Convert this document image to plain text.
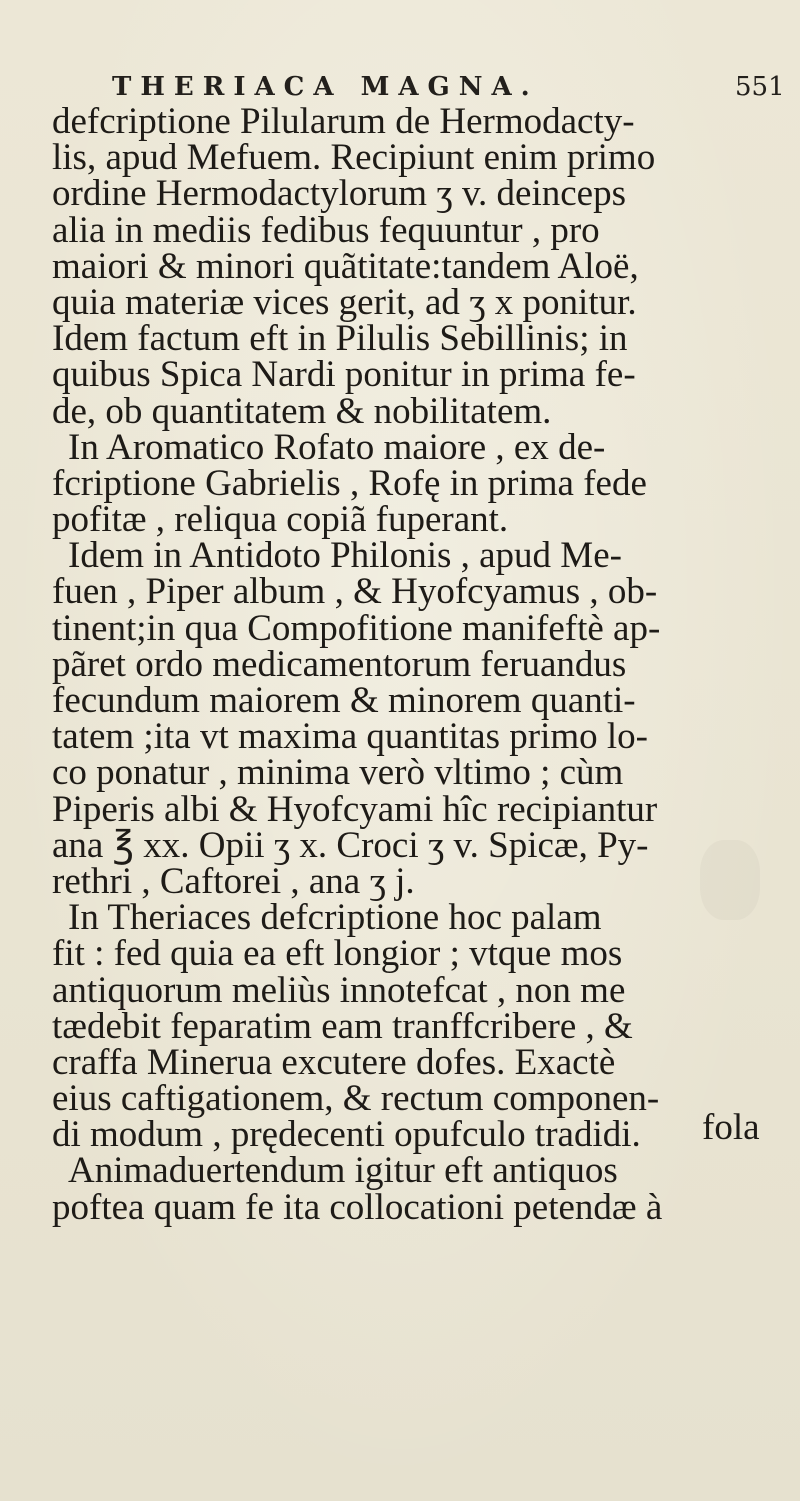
THERIACA MAGNA.	551
defcriptione Pilularum de Hermodacty-
lis, apud Mefuem. Recipiunt enim primo
ordine Hermodactylorum ʒ v. deinceps
alia in mediis fedibus fequuntur , pro
maiori & minori quãtitate:tandem Aloë,
quia materiæ vices gerit, ad ʒ x ponitur.
Idem factum eft in Pilulis Sebillinis; in
quibus Spica Nardi ponitur in prima fe-
de, ob quantitatem & nobilitatem.
In Aromatico Rofato maiore , ex de-
fcriptione Gabrielis , Rofę in prima fede
pofitæ , reliqua copiã fuperant.
Idem in Antidoto Philonis , apud Me-
fuen , Piper album , & Hyofcyamus , ob-
tinent;in qua Compofitione manifeftè ap-
pãret ordo medicamentorum feruandus
fecundum maiorem & minorem quanti-
tatem ;ita vt maxima quantitas primo lo-
co ponatur , minima verò vltimo ; cùm
Piperis albi & Hyofcyami hîc recipiantur
ana ℥ xx. Opii ʒ x. Croci ʒ v. Spicæ, Py-
rethri , Caftorei , ana ʒ j.
In Theriaces defcriptione hoc palam
fit : fed quia ea eft longior ; vtque mos
antiquorum meliùs innotefcat , non me
tædebit feparatim eam tranffcribere , &
craffa Minerua excutere dofes. Exactè
eius caftigationem, & rectum componen-
di modum , prędecenti opufculo tradidi.
Animaduertendum igitur eft antiquos
poftea quam fe ita collocationi petendæ à
fola
